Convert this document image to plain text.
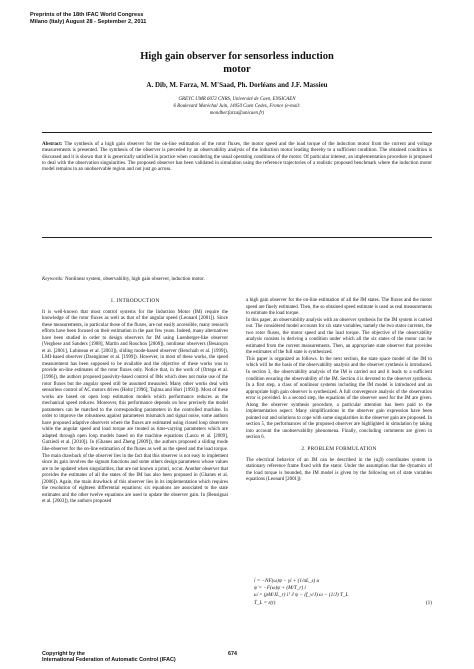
Preprints of the 18th IFAC World Congress
Milano (Italy) August 28 - September 2, 2011
High gain observer for sensorless induction
motor
A. Dib, M. Farza, M. M'Saad, Ph. Dorléans and J.F. Massieu
GREYC UMR 6072 CNRS, Université de Caen, ENSICAEN
6 Boulevard Maréchal Juin, 14050 Caen Cedex, France (e-mail:
mondher.farza@unicaen.fr)
Abstract: The synthesis of a high gain observer for the on-line estimation of the rotor fluxes, the motor speed and the load torque of the induction motor from the current and voltage measurements is presented. The synthesis of the observer is preceded by an observability analysis of the induction motor leading thereby to a sufficient condition. The obtained condition is discussed and it is shown that it is generically satisfied in practice when considering the usual operating conditions of the motor. Of particular interest, an implementation procedure is proposed to deal with the observation singularities. The proposed observer has been validated in simulation using the reference trajectories of a realistic proposed benchmark where the induction motor model remains in an unobservable region and not just go across.
Keywords: Nonlinear system, observability, high gain observer, induction motor.

1. INTRODUCTION

It is well-known that most control systems for the Induction Motor (IM) require the knowledge of the rotor fluxes as well as that of the angular speed (Leonard [2001]). Since these measurements, in particular those of the fluxes, are not easily accessible, many research efforts have been focused on their estimation in the past few years. Indeed, many alternatives have been studied in order to design observers for IM using Luenberger-like observer (Verghese and Sanders [1988], Martin and Rouchon [2000]), nonlinear observers (Besançon et al. [2001], Lubineau et al. [2003]), sliding mode-based observer (Benchaib et al. [1999]), LMI-based observer (Dzenginner et al. [1999]). However, in most of these works, the speed measurement has been supposed to be available and the objective of these works was to provide on-line estimates of the rotor fluxes only. Notice that, in the work of (Ortega et al. [1996]), the authors proposed passivity-based control of IMs which does not make use of the rotor fluxes but the angular speed still be assumed measured. Many other works deal with sensorless control of AC motors drives (Holtz [1996], Tajima and Hori [1993]). Most of these works are based on open loop estimation models which performance reduces as the mechanical speed reduces. Moreover, this performance depends on how precisely the model parameters can be matched to the corresponding parameters in the controlled machine. In order to improve the robustness against parameters mismatch and signal noise, some authors have proposed adaptive observers where the fluxes are estimated using closed loop observers while the angular speed and load torque are treated as time-varying parameters which are adapted through open loop models based on the machine equations (Lascu et al. [2009], Garziedi et al. [2010]). In (Ghanes and Zheng [2009]), the authors proposed a sliding mode like-observer for the on-line estimation of the fluxes as well as the speed and the load torque. The main drawback of the observer lies in the fact that this observer is not easy to implement since its gain involves the signum functions and some others design parameters whose values are to be updated when singularities, that are not known a priori, occur. Another observer that provides the estimates of all the states of the IM has also been proposed in (Ghanes et al. [2006]). Again, the main drawback of this observer lies in its implementation which requires the resolution of eighteen differential equations: six equations are associated to the state estimates and the other twelve equations are used to update the observer gain. In (Bensiguai et al. [2003]), the authors proposed

a high gain observer for the on-line estimation of all the IM states. The fluxes and the motor speed are finely estimated. Then, the so obtained speed estimate is used as real measurements to estimate the load torque.

In this paper, an observability analysis with an observer synthesis for the IM system is carried out. The considered model accounts for six state variables, namely the two stator currents, the two rotor fluxes, the motor speed and the load torque. The objective of the observability analysis consists in deriving a condition under which all the six states of the motor can be estimated from the current measurements. Then, an appropriate state observer that provides the estimates of the full state is synthesized.

This paper is organized as follows. In the next section, the state space model of the IM to which will be the basis of the observability analysis and the observer synthesis is introduced. In section 3, the observability analysis of the IM is carried out and it leads to a sufficient condition ensuring the observability of the IM. Section 4 is devoted to the observer synthesis. In a first step, a class of nonlinear systems including the IM model is introduced and an appropriate high gain observer is synthesized. A full convergence analysis of the observation error is provided. In a second step, the equations of the observer used for the IM are given. Along the observer synthesis procedure, a particular attention has been paid to the implementation aspect. Many simplifications in the observer gain expression have been pointed out and solutions to cope with some singularities in the observer gain are proposed. In section 5, the performances of the proposed observer are highlighted in simulation by taking into account the unobservability phenomena. Finally, concluding comments are given in section 6.

2. PROBLEM FORMULATION

The electrical behavior of an IM can be described in the (α,β) coordinates system in stationary reference frame fixed with the stator. Under the assumption that the dynamics of the load torque is bounded, the IM model is given by the following set of state variables equations (Leonard [2001]):

i̇ = −NF(ω)ψ − γi + (1/σL_s) u
ψ̇ = −F(ω)ψ + (M/T_r) i
ω̇ = (pM/JL_r) iᵀ J ψ − (f_v/J) ω − (1/J) T_L
Ṫ_L = ε(t)	(1)
Copyright by the
International Federation of Automatic Control (IFAC)
674
